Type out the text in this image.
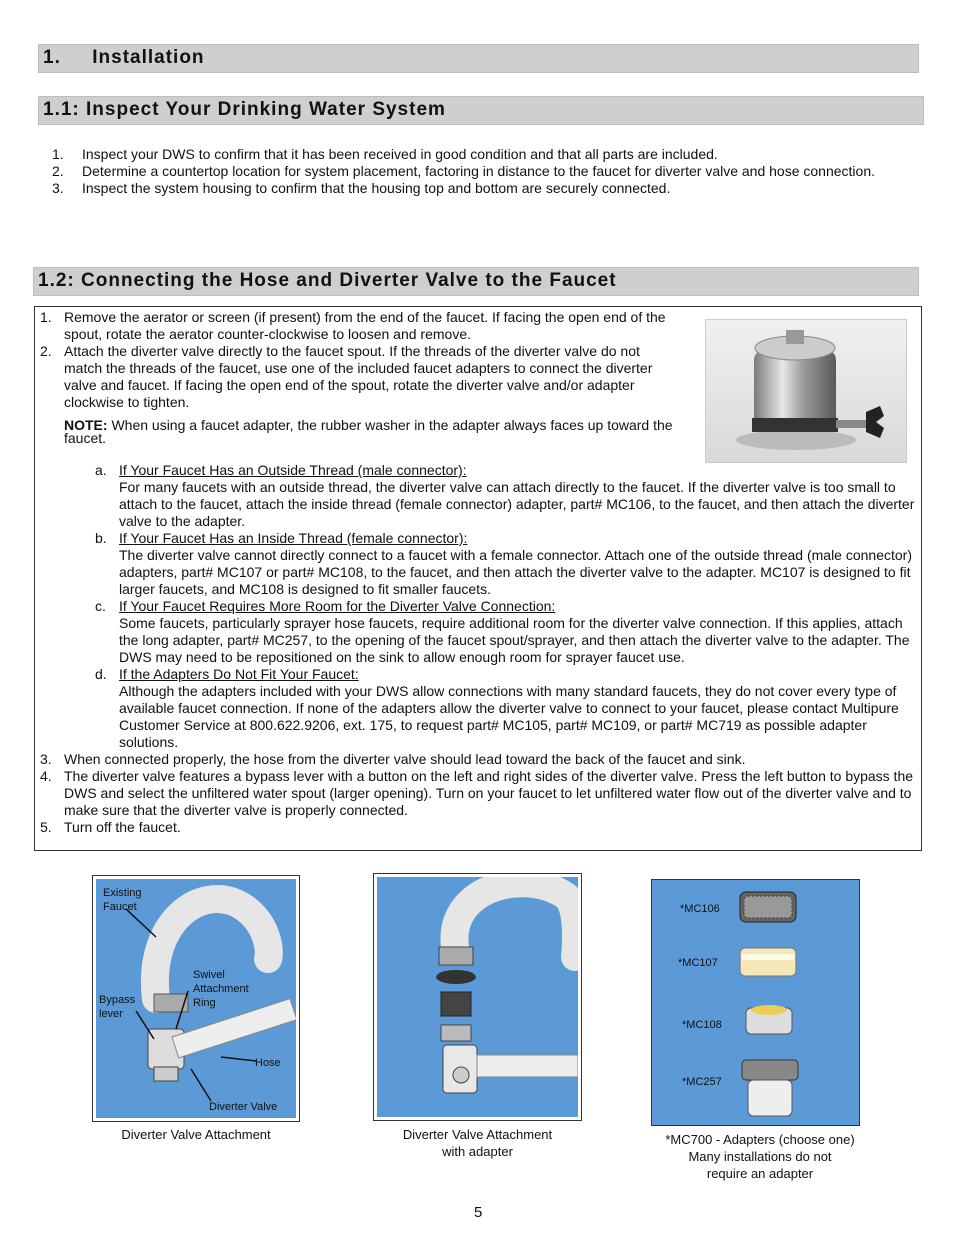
1.     Installation
1.1: Inspect Your Drinking Water System
1. Inspect your DWS to confirm that it has been received in good condition and that all parts are included.
2. Determine a countertop location for system placement, factoring in distance to the faucet for diverter valve and hose connection.
3. Inspect the system housing to confirm that the housing top and bottom are securely connected.
1.2: Connecting the Hose and Diverter Valve to the Faucet
1. Remove the aerator or screen (if present) from the end of the faucet. If facing the open end of the spout, rotate the aerator counter-clockwise to loosen and remove.
2. Attach the diverter valve directly to the faucet spout. If the threads of the diverter valve do not match the threads of the faucet, use one of the included faucet adapters to connect the diverter valve and faucet. If facing the open end of the spout, rotate the diverter valve and/or adapter clockwise to tighten.
NOTE: When using a faucet adapter, the rubber washer in the adapter always faces up toward the faucet.
a. If Your Faucet Has an Outside Thread (male connector):
For many faucets with an outside thread, the diverter valve can attach directly to the faucet. If the diverter valve is too small to attach to the faucet, attach the inside thread (female connector) adapter, part# MC106, to the faucet, and then attach the diverter valve to the adapter.
b. If Your Faucet Has an Inside Thread (female connector):
The diverter valve cannot directly connect to a faucet with a female connector. Attach one of the outside thread (male connector) adapters, part# MC107 or part# MC108, to the faucet, and then attach the diverter valve to the adapter. MC107 is designed to fit larger faucets, and MC108 is designed to fit smaller faucets.
c. If Your Faucet Requires More Room for the Diverter Valve Connection:
Some faucets, particularly sprayer hose faucets, require additional room for the diverter valve connection. If this applies, attach the long adapter, part# MC257, to the opening of the faucet spout/sprayer, and then attach the diverter valve to the adapter. The DWS may need to be repositioned on the sink to allow enough room for sprayer faucet use.
d. If the Adapters Do Not Fit Your Faucet:
Although the adapters included with your DWS allow connections with many standard faucets, they do not cover every type of available faucet connection. If none of the adapters allow the diverter valve to connect to your faucet, please contact Multipure Customer Service at 800.622.9206, ext. 175, to request part# MC105, part# MC109, or part# MC719 as possible adapter solutions.
3. When connected properly, the hose from the diverter valve should lead toward the back of the faucet and sink.
4. The diverter valve features a bypass lever with a button on the left and right sides of the diverter valve. Press the left button to bypass the DWS and select the unfiltered water spout (larger opening). Turn on your faucet to let unfiltered water flow out of the diverter valve and to make sure that the diverter valve is properly connected.
5. Turn off the faucet.
Existing Faucet
Swivel
Attachment
Ring
Bypass lever
Hose
Diverter Valve
Diverter Valve Attachment	Diverter Valve Attachment
with adapter
*MC106
*MC107
*MC108
*MC257
*MC700 - Adapters (choose one)
Many installations do not
require an adapter
5
